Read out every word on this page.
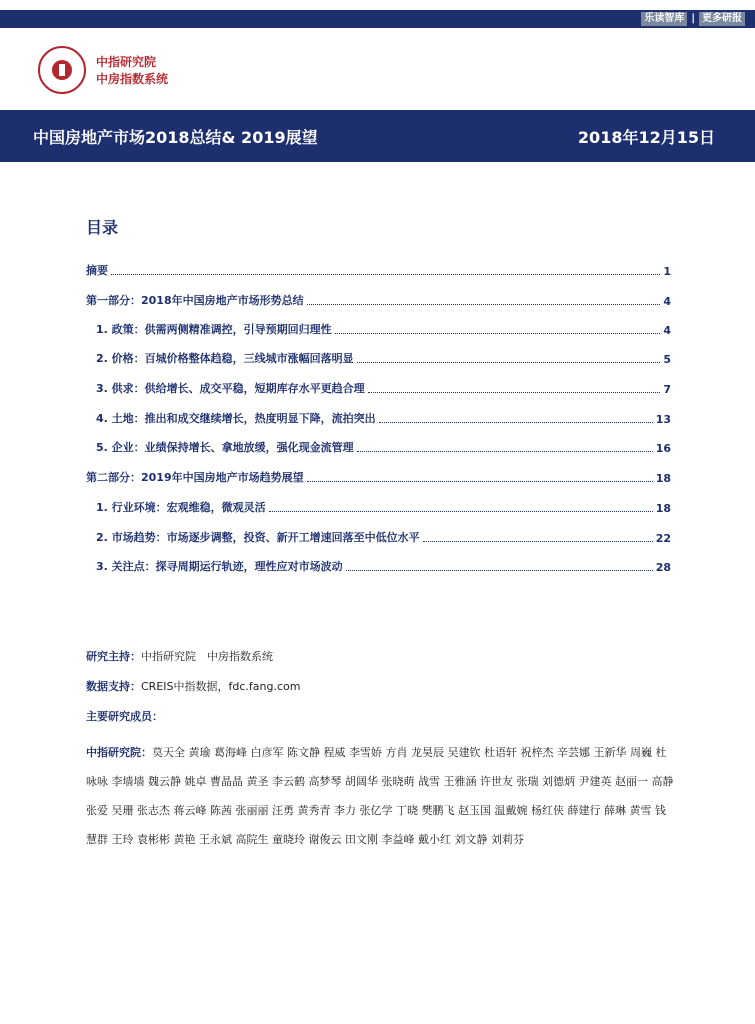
乐读智库 | 更多研报
中指研究院
中房指数系统
中国房地产市场2018总结& 2019展望	2018年12月15日
目录
摘要	1
第一部分：2018年中国房地产市场形势总结	4
1. 政策：供需两侧精准调控，引导预期回归理性	4
2. 价格：百城价格整体趋稳，三线城市涨幅回落明显	5
3. 供求：供给增长、成交平稳，短期库存水平更趋合理	7
4. 土地：推出和成交继续增长，热度明显下降，流拍突出	13
5. 企业：业绩保持增长、拿地放缓，强化现金流管理	16
第二部分：2019年中国房地产市场趋势展望	18
1. 行业环境：宏观维稳，微观灵活	18
2. 市场趋势：市场逐步调整，投资、新开工增速回落至中低位水平	22
3. 关注点：探寻周期运行轨迹，理性应对市场波动	28
研究主持：中指研究院　中房指数系统
数据支持：CREIS中指数据，fdc.fang.com
主要研究成员：
中指研究院：莫天全 黄瑜 葛海峰 白彦军 陈文静 程威 李雪娇 方肖 龙昊辰 吴建钦 杜语轩 祝梓杰 辛芸娜 王新华 周巍 杜咏咏 李墙墙 魏云静 姚卓 曹晶晶 黄圣 李云鹤 高梦琴 胡阔华 张晓萌 战雪 王雅涵 许世友 张瑞 刘德炳 尹建英 赵丽一 高静 张爱 吴珊 张志杰 蒋云峰 陈茜 张丽丽 汪勇 黄秀青 李力 张亿学 丁晓 樊鹏飞 赵玉国 温戴婉 杨红侠 薛建行 薛琳 黄雪 钱慧群 王玲 袁彬彬 黄艳 王永斌 高院生 童晓玲 谢俊云 田文刚 李益峰 戴小红 刘文静 刘莉芬
